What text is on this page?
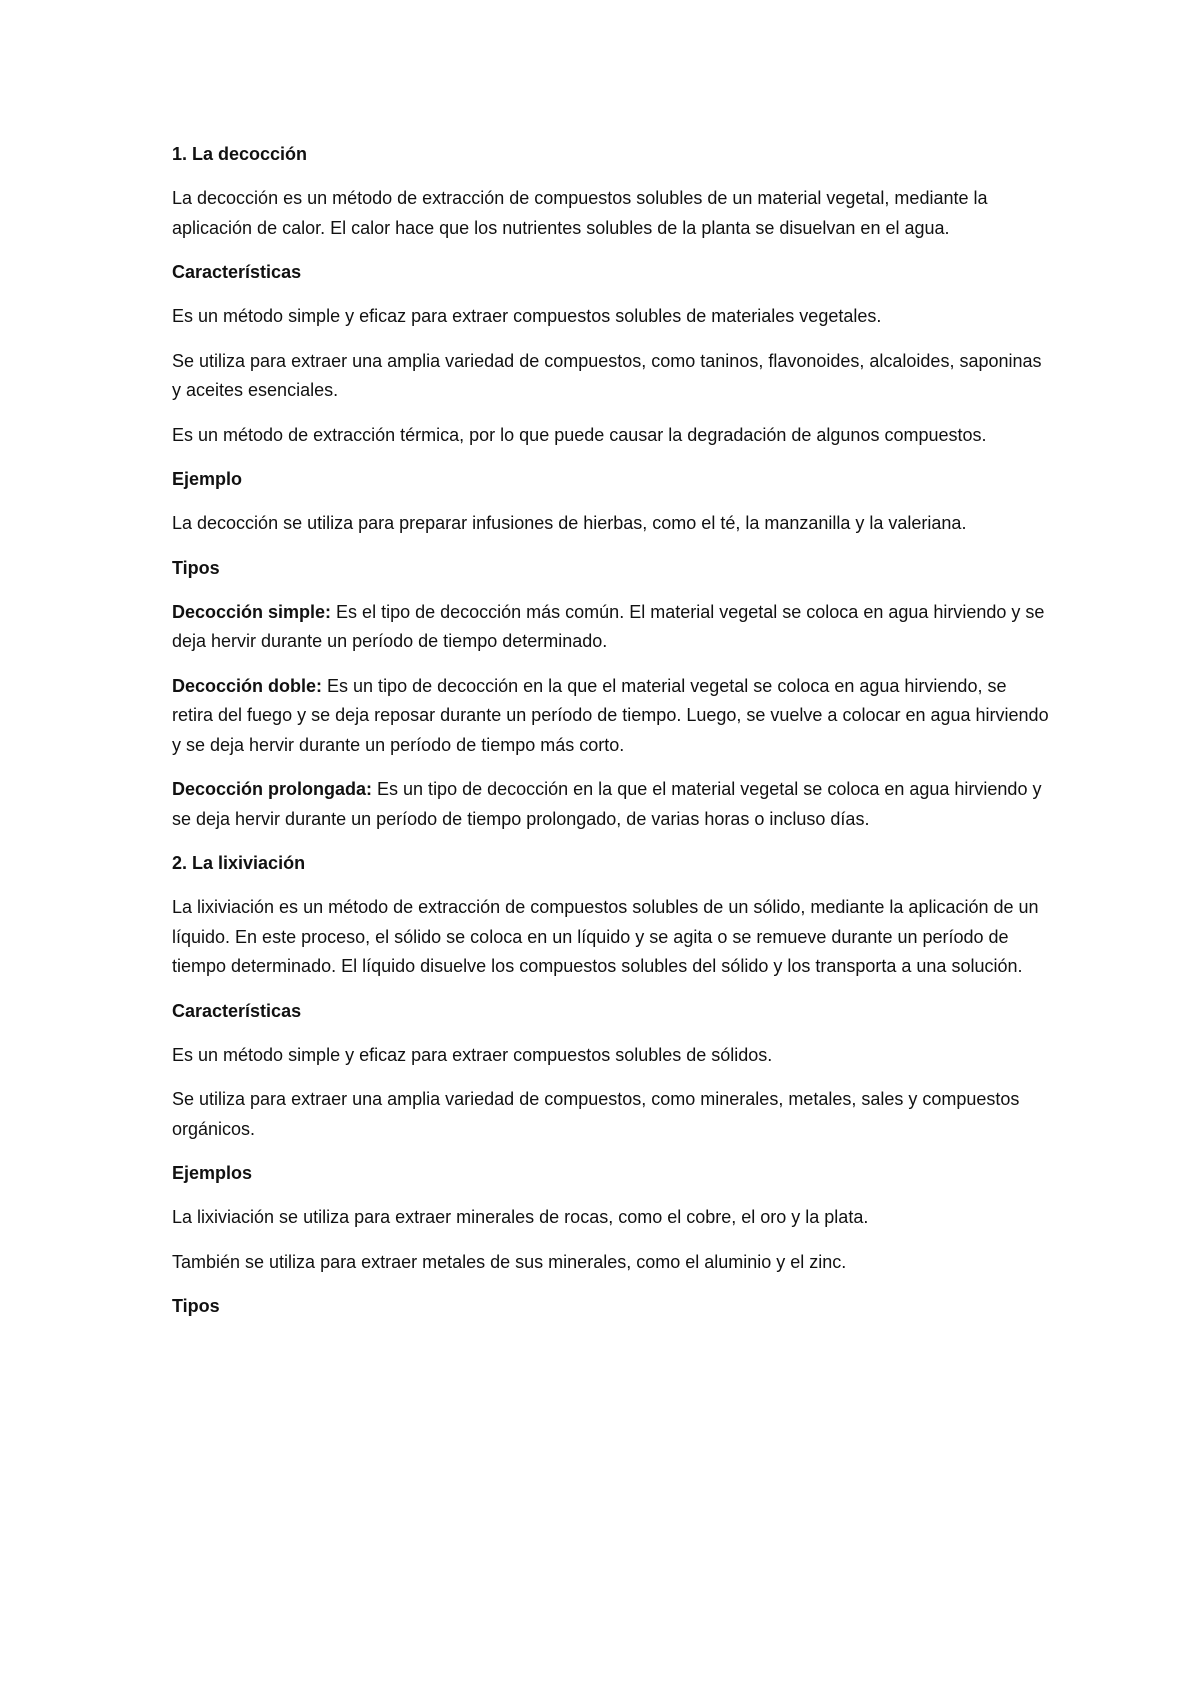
1. La decocción
La decocción es un método de extracción de compuestos solubles de un material vegetal, mediante la aplicación de calor. El calor hace que los nutrientes solubles de la planta se disuelvan en el agua.
Características
Es un método simple y eficaz para extraer compuestos solubles de materiales vegetales.
Se utiliza para extraer una amplia variedad de compuestos, como taninos, flavonoides, alcaloides, saponinas y aceites esenciales.
Es un método de extracción térmica, por lo que puede causar la degradación de algunos compuestos.
Ejemplo
La decocción se utiliza para preparar infusiones de hierbas, como el té, la manzanilla y la valeriana.
Tipos
Decocción simple: Es el tipo de decocción más común. El material vegetal se coloca en agua hirviendo y se deja hervir durante un período de tiempo determinado.
Decocción doble: Es un tipo de decocción en la que el material vegetal se coloca en agua hirviendo, se retira del fuego y se deja reposar durante un período de tiempo. Luego, se vuelve a colocar en agua hirviendo y se deja hervir durante un período de tiempo más corto.
Decocción prolongada: Es un tipo de decocción en la que el material vegetal se coloca en agua hirviendo y se deja hervir durante un período de tiempo prolongado, de varias horas o incluso días.
2. La lixiviación
La lixiviación es un método de extracción de compuestos solubles de un sólido, mediante la aplicación de un líquido. En este proceso, el sólido se coloca en un líquido y se agita o se remueve durante un período de tiempo determinado. El líquido disuelve los compuestos solubles del sólido y los transporta a una solución.
Características
Es un método simple y eficaz para extraer compuestos solubles de sólidos.
Se utiliza para extraer una amplia variedad de compuestos, como minerales, metales, sales y compuestos orgánicos.
Ejemplos
La lixiviación se utiliza para extraer minerales de rocas, como el cobre, el oro y la plata.
También se utiliza para extraer metales de sus minerales, como el aluminio y el zinc.
Tipos
